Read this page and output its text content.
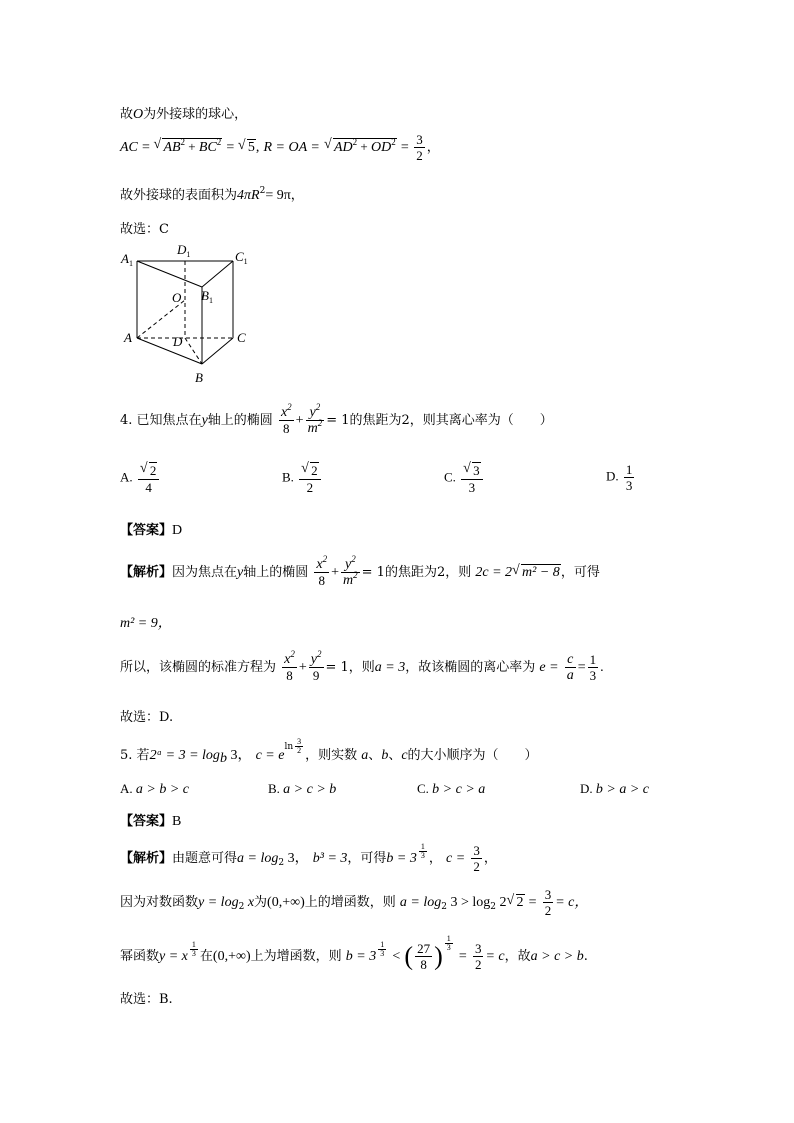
故O为外接球的球心，
AC = √ $AB^2 + BC^2$ = √ 5, R = OA = √ $AD^2 + OD^2 = \frac{3}{2}$ ，
故外接球的表面积为$4\pi R^2= 9\pi$，
故选：C
$A_1$
$D_1$	$C_1$
O $B_1$
A	D	C
B
4. 已知焦点在y轴上的椭圆 $\frac{x^2}{8} + \frac{y^2}{m^2} = 1$的焦距为2，则其离心率为（　　）
A. $\frac{√ 2}{4}$	B. $\frac{√ 2}{2}$	C. $\frac{√ 3}{3}$	D. $\frac{1}{3}$
【答案】D
【解析】因为焦点在y轴上的椭圆 $\frac{x^2}{8} + \frac{y^2}{m^2} = 1$的焦距为2，则 2c = 2 √ m² − 8，可得
m² = 9，
所以，该椭圆的标准方程为 $\frac{x^2}{8} + \frac{y^2}{9} = 1$，则a = 3，故该椭圆的离心率为 $e = \frac{c}{a} = \frac{1}{3}$ .
故选：D.
5. 若2ᵃ = $3 = \log_b 3$， $c = e^{ln \frac{3}{2}}$
，则实数 a、b、c的大小顺序为（　　）
A. a > b > c	B. a > c > b	C. b > c > a	D. b > a > c
【答案】B
【解析】由题意可得$a = \log_2 3$， b³ = 3，可得b = 3 $^{\frac{1}{3}}$ ， $c = \frac{3}{2}$ ，
因为对数函数$y = \log_2 x$为(0,+∞)上的增函数，则 $a = \log_2 3 > \log_2 2$ √ $2 = \frac{3}{2} = c$，
幂函数y = x $^{\frac{1}{3}}$ 在(0,+∞)上为增函数，则 b = 3 $^{\frac{1}{3}}$ < ( $\frac{27}{8}$ ) $^{\frac{1}{3}}$
= $\frac{3}{2} = c$，故a > c > b.
故选：B.
